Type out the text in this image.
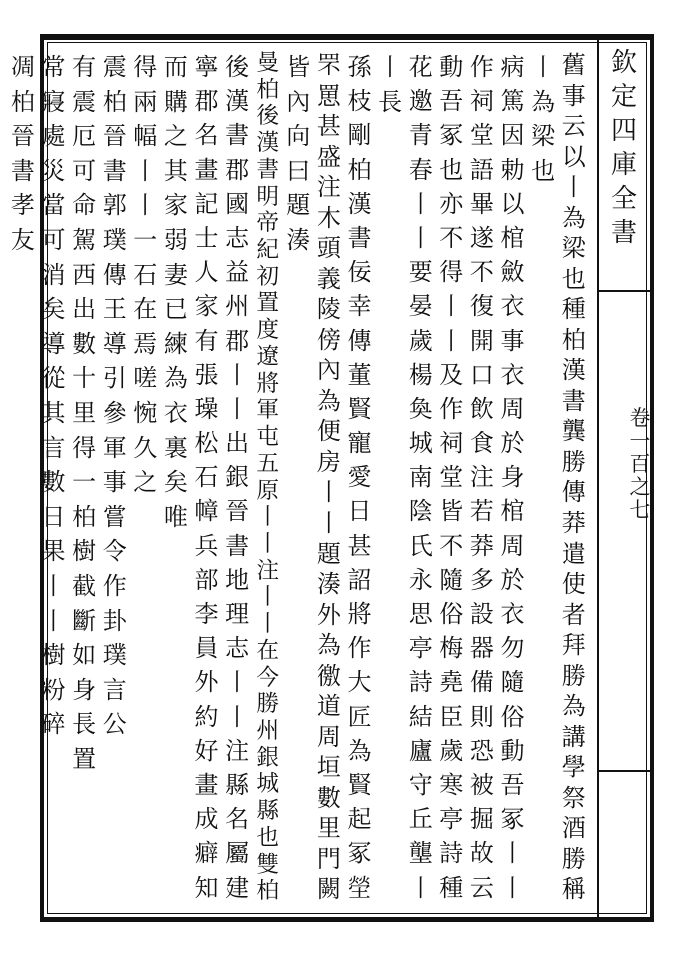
欽
定
四
庫
全
書
卷
一
百
之
七
舊
事
云
以
丨
為
梁
也
種
柏
漢
書
龔
勝
傳
莽
遣
使
者
拜
勝
為
講
學
祭
酒
勝
稱
丨
為
梁
也
病
篤
因
勅
以
棺
斂
衣
事
衣
周
於
身
棺
周
於
衣
勿
隨
俗
動
吾
冢
丨
丨
作
祠
堂
語
畢
遂
不
復
開
口
飲
食
注
若
莽
多
設
器
備
則
恐
被
掘
故
云
動
吾
冢
也
亦
不
得
丨
丨
及
作
祠
堂
皆
不
隨
俗
梅
堯
臣
歲
寒
亭
詩
種
花
邀
青
春
丨
丨
要
晏
歲
楊
奐
城
南
陰
氏
永
思
亭
詩
結
廬
守
丘
壟
丨
丨
長
孫
枝
剛
柏
漢
書
佞
幸
傳
董
賢
寵
愛
日
甚
詔
將
作
大
匠
為
賢
起
冢
塋
罘
罳
甚
盛
注
木
頭
義
陵
傍
內
為
便
房
丨
丨
題
湊
外
為
徼
道
周
垣
數
里
門
闕
皆
內
向
曰
題
湊
曼
柏
後
漢
書
明
帝
紀
初
置
度
遼
將
軍
屯
五
原
丨
丨
注
丨
丨
在
今
勝
州
銀
城
縣
也
雙
柏
後
漢
書
郡
國
志
益
州
郡
丨
丨
出
銀
晉
書
地
理
志
丨
丨
注
縣
名
屬
建
寧
郡
名
畫
記
士
人
家
有
張
璪
松
石
幛
兵
部
李
員
外
約
好
畫
成
癖
知
而
購
之
其
家
弱
妻
已
練
為
衣
裏
矣
唯
得
兩
幅
丨
丨
一
石
在
焉
嗟
惋
久
之
震
柏
晉
書
郭
璞
傳
王
導
引
參
軍
事
嘗
令
作
卦
璞
言
公
有
震
厄
可
命
駕
西
出
數
十
里
得
一
柏
樹
截
斷
如
身
長
置
常
寢
處
災
當
可
消
矣
導
從
其
言
數
日
果
丨
丨
樹
粉
碎
凋
柏
晉
書
孝
友
